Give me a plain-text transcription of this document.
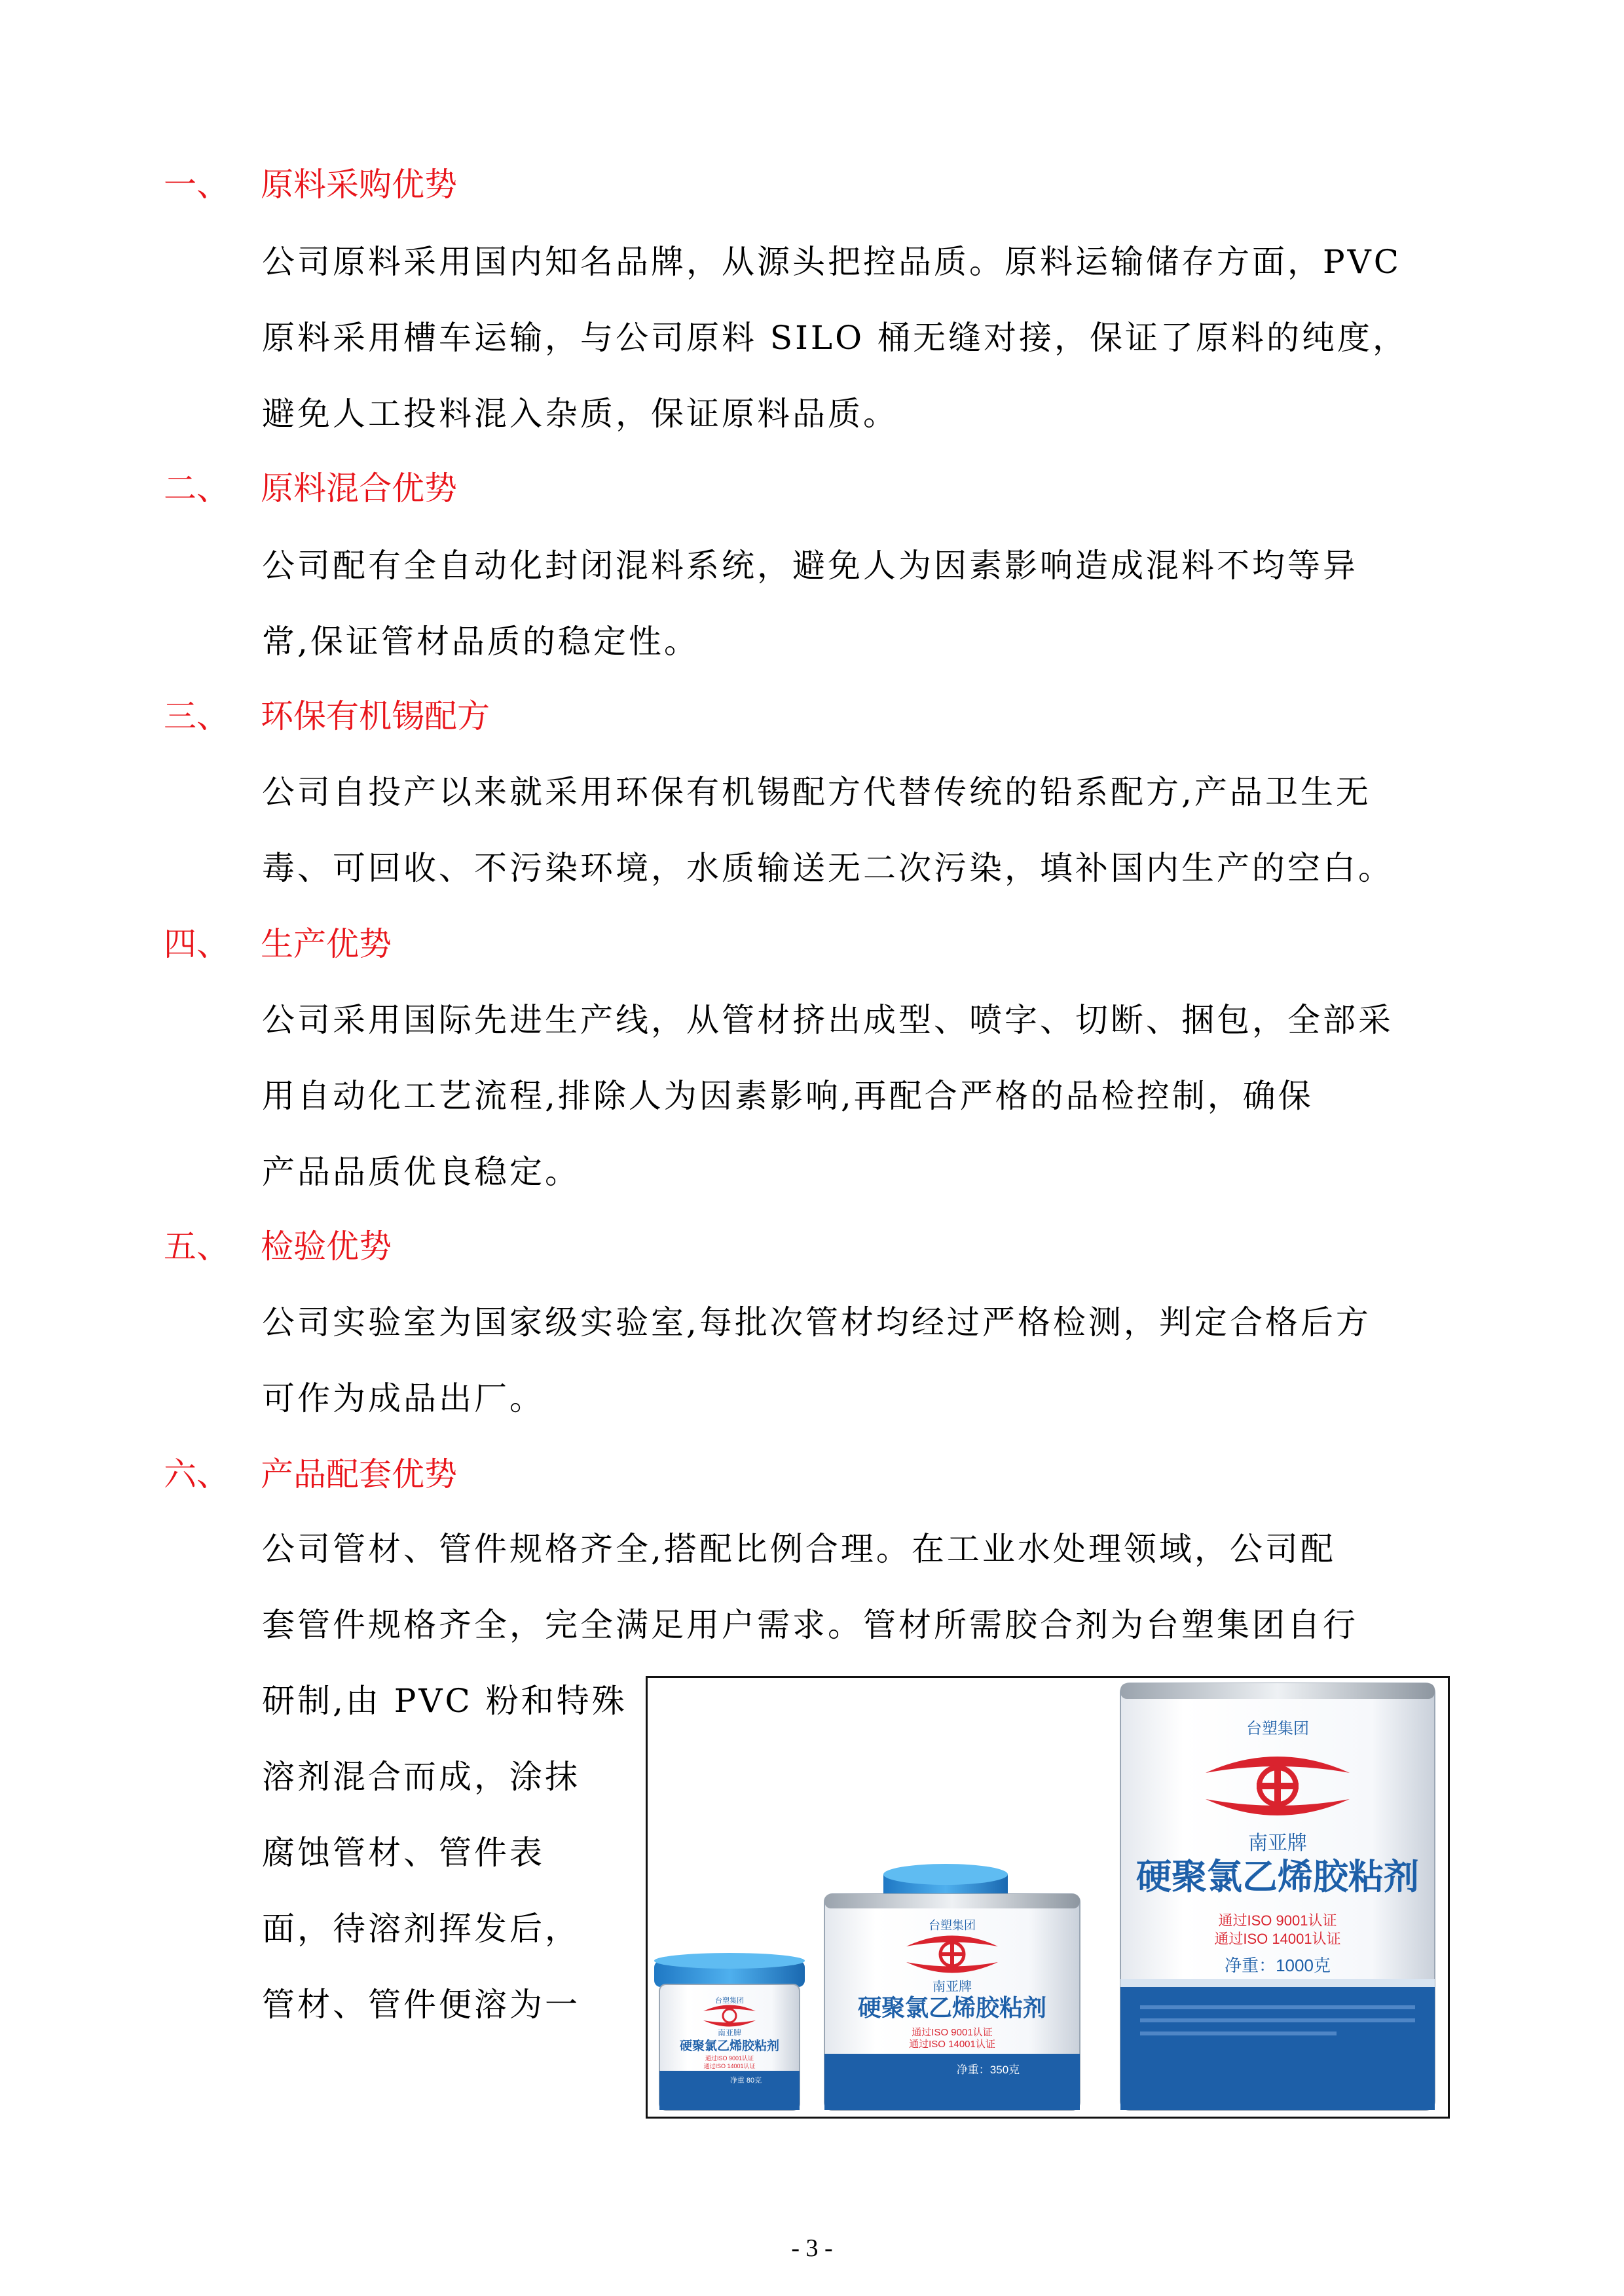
一、 原料采购优势
公司原料采用国内知名品牌，从源头把控品质。原料运输储存方面，PVC
原料采用槽车运输，与公司原料 SILO 桶无缝对接，保证了原料的纯度，
避免人工投料混入杂质，保证原料品质。
二、 原料混合优势
公司配有全自动化封闭混料系统，避免人为因素影响造成混料不均等异
常,保证管材品质的稳定性。
三、 环保有机锡配方
公司自投产以来就采用环保有机锡配方代替传统的铅系配方,产品卫生无
毒、可回收、不污染环境，水质输送无二次污染，填补国内生产的空白。
四、 生产优势
公司采用国际先进生产线，从管材挤出成型、喷字、切断、捆包，全部采
用自动化工艺流程,排除人为因素影响,再配合严格的品检控制，确保
产品品质优良稳定。
五、 检验优势
公司实验室为国家级实验室,每批次管材均经过严格检测，判定合格后方
可作为成品出厂。
六、 产品配套优势
公司管材、管件规格齐全,搭配比例合理。在工业水处理领域，公司配
套管件规格齐全，完全满足用户需求。管材所需胶合剂为台塑集团自行
研制,由 PVC 粉和特殊
溶剂混合而成，涂抹
腐蚀管材、管件表
面，待溶剂挥发后，
管材、管件便溶为一
台塑集团
南亚牌
硬聚氯乙烯胶粘剂
通过ISO 9001认证
通过ISO 14001认证
净重：1000克
台塑集团
南亚牌
硬聚氯乙烯胶粘剂
通过ISO 9001认证
通过ISO 14001认证
净重：350克
台塑集团
南亚牌
硬聚氯乙烯胶粘剂
通过ISO 9001认证
通过ISO 14001认证
净重 80克
- 3 -
